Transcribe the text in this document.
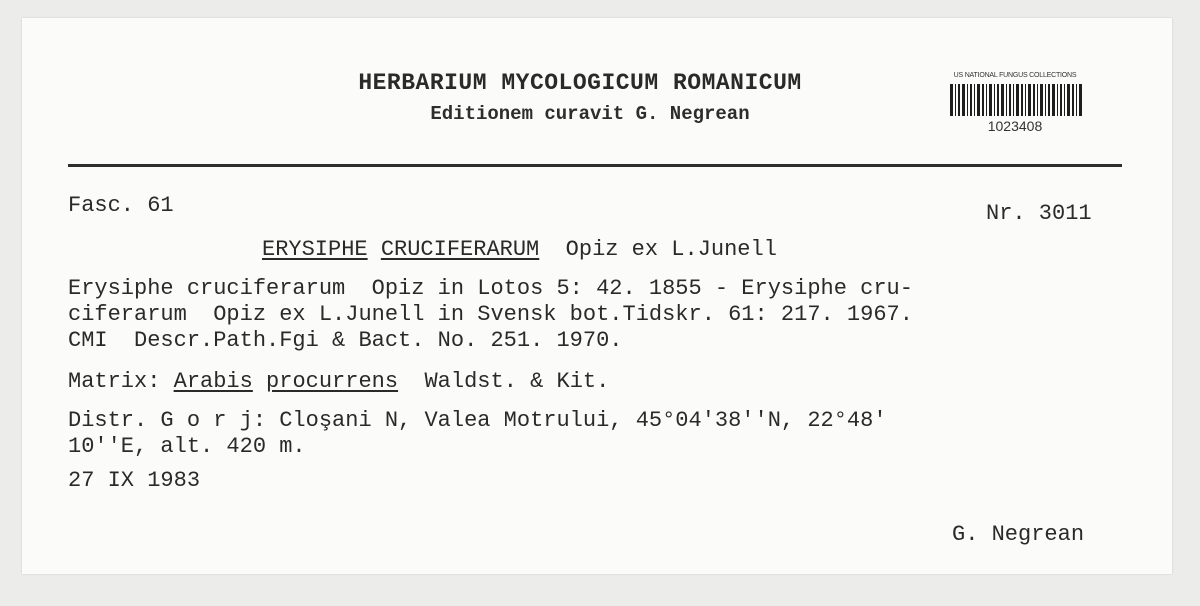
HERBARIUM MYCOLOGICUM ROMANICUM
Editionem curavit G. Negrean
US NATIONAL FUNGUS COLLECTIONS
1023408
Fasc. 61	Nr. 3011
ERYSIPHE CRUCIFERARUM Opiz ex L.Junell
Erysiphe cruciferarum  Opiz in Lotos 5: 42. 1855 - Erysiphe cru-
ciferarum  Opiz ex L.Junell in Svensk bot.Tidskr. 61: 217. 1967.
CMI  Descr.Path.Fgi & Bact. No. 251. 1970.
Matrix: Arabis procurrens Waldst. & Kit.
Distr. G o r j: Cloşani N, Valea Motrului, 45°04'38''N, 22°48'
10''E, alt. 420 m.
27 IX 1983
G. Negrean
